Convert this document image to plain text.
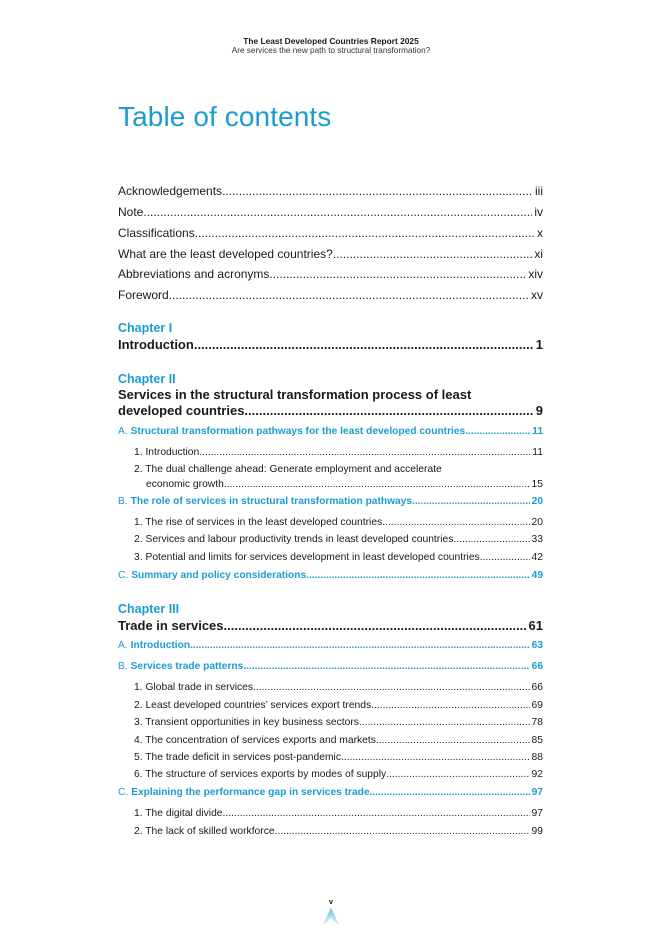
The Least Developed Countries Report 2025
Are services the new path to structural transformation?
Table of contents
Acknowledgements .....	iii
Note .....	iv
Classifications .....	x
What are the least developed countries? .....	xi
Abbreviations and acronyms .....	xiv
Foreword .....	xv
Chapter I
Introduction .....	1
Chapter II
Services in the structural transformation process of least
developed countries .....	9
A. Structural transformation pathways for the least developed countries .....	11
1. Introduction .....	11
2. The dual challenge ahead: Generate employment and accelerate
economic growth .....	15
B. The role of services in structural transformation pathways .....	20
1. The rise of services in the least developed countries .....	20
2. Services and labour productivity trends in least developed countries .....	33
3. Potential and limits for services development in least developed countries .....	42
C. Summary and policy considerations .....	49
Chapter III
Trade in services .....	61
A. Introduction .....	63
B. Services trade patterns .....	66
1. Global trade in services .....	66
2. Least developed countries’ services export trends .....	69
3. Transient opportunities in key business sectors .....	78
4. The concentration of services exports and markets .....	85
5. The trade deficit in services post-pandemic .....	88
6. The structure of services exports by modes of supply .....	92
C. Explaining the performance gap in services trade .....	97
1. The digital divide .....	97
2. The lack of skilled workforce .....	99
v
